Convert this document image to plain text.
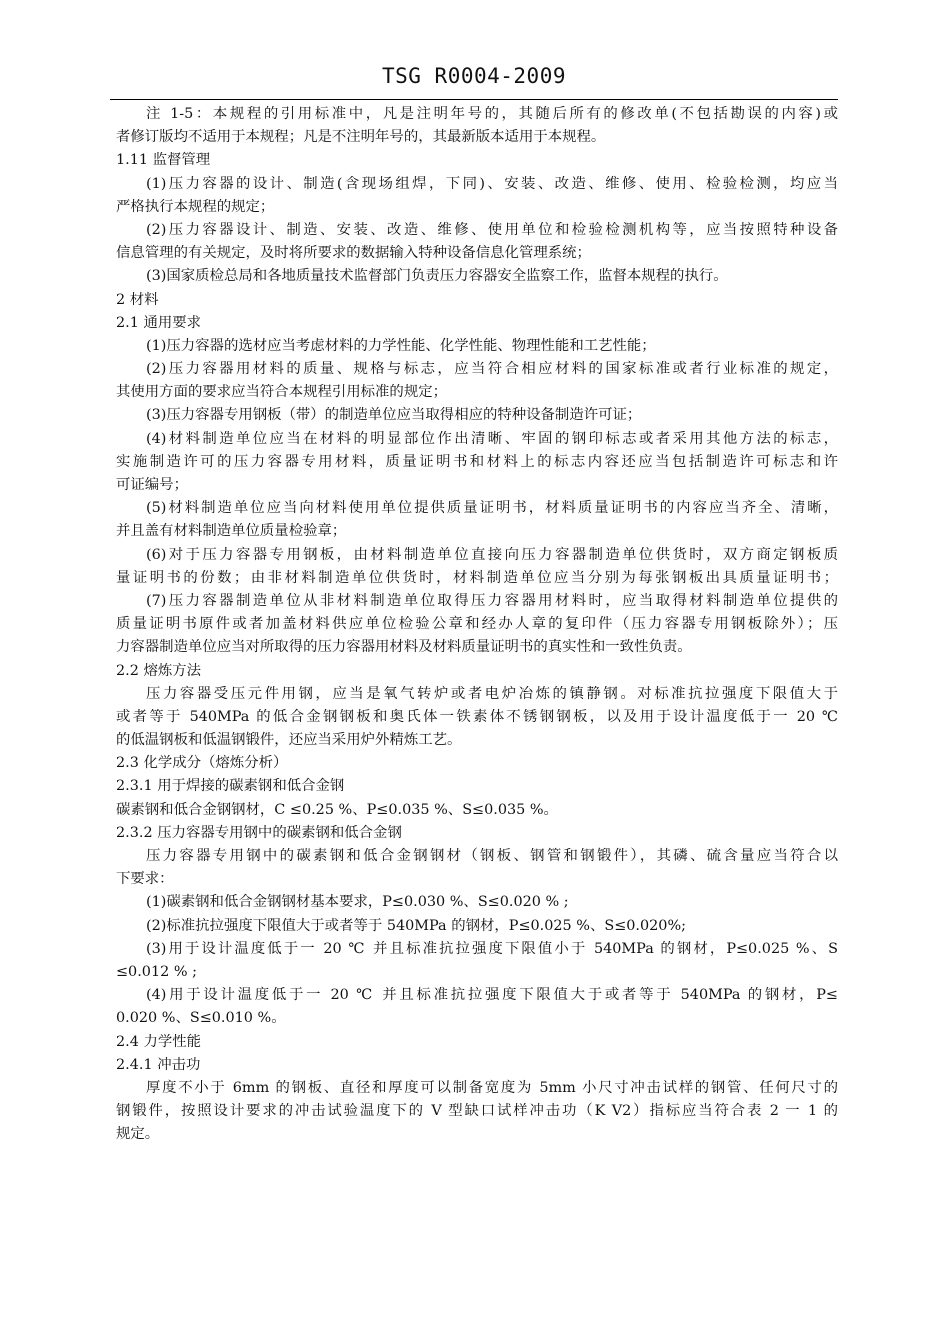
TSG R0004-2009
注 1-5：本规程的引用标准中，凡是注明年号的，其随后所有的修改单(不包括勘误的内容)或
者修订版均不适用于本规程；凡是不注明年号的，其最新版本适用于本规程。
1.11 监督管理
(1)压力容器的设计、制造(含现场组焊，下同)、安装、改造、维修、使用、检验检测，均应当
严格执行本规程的规定；
(2)压力容器设计、制造、安装、改造、维修、使用单位和检验检测机构等，应当按照特种设备
信息管理的有关规定，及时将所要求的数据输入特种设备信息化管理系统；
(3)国家质检总局和各地质量技术监督部门负责压力容器安全监察工作，监督本规程的执行。
2 材料
2.1 通用要求
(1)压力容器的选材应当考虑材料的力学性能、化学性能、物理性能和工艺性能；
(2)压力容器用材料的质量、规格与标志，应当符合相应材料的国家标准或者行业标准的规定，
其使用方面的要求应当符合本规程引用标准的规定；
(3)压力容器专用钢板（带）的制造单位应当取得相应的特种设备制造许可证；
(4)材料制造单位应当在材料的明显部位作出清晰、牢固的钢印标志或者采用其他方法的标志，
实施制造许可的压力容器专用材料，质量证明书和材料上的标志内容还应当包括制造许可标志和许
可证编号；
(5)材料制造单位应当向材料使用单位提供质量证明书，材料质量证明书的内容应当齐全、清晰，
并且盖有材料制造单位质量检验章；
(6)对于压力容器专用钢板，由材料制造单位直接向压力容器制造单位供货时，双方商定钢板质
量证明书的份数；由非材料制造单位供货时，材料制造单位应当分别为每张钢板出具质量证明书；
(7)压力容器制造单位从非材料制造单位取得压力容器用材料时，应当取得材料制造单位提供的
质量证明书原件或者加盖材料供应单位检验公章和经办人章的复印件（压力容器专用钢板除外）；压
力容器制造单位应当对所取得的压力容器用材料及材料质量证明书的真实性和一致性负责。
2.2 熔炼方法
压力容器受压元件用钢，应当是氧气转炉或者电炉冶炼的镇静钢。对标准抗拉强度下限值大于
或者等于 540MPa 的低合金钢钢板和奥氏体一铁素体不锈钢钢板，以及用于设计温度低于一 20 ℃
的低温钢板和低温钢锻件，还应当采用炉外精炼工艺。
2.3 化学成分（熔炼分析）
2.3.1 用于焊接的碳素钢和低合金钢
碳素钢和低合金钢钢材，C ≤0.25 %、P≤0.035 %、S≤0.035 %。
2.3.2 压力容器专用钢中的碳素钢和低合金钢
压力容器专用钢中的碳素钢和低合金钢钢材（钢板、钢管和钢锻件），其磷、硫含量应当符合以
下要求：
(1)碳素钢和低合金钢钢材基本要求，P≤0.030 %、S≤0.020 % ;
(2)标准抗拉强度下限值大于或者等于 540MPa 的钢材，P≤0.025 %、S≤0.020%;
(3)用于设计温度低于一 20 ℃ 并且标准抗拉强度下限值小于 540MPa 的钢材，P≤0.025 %、S
≤0.012 % ;
(4)用于设计温度低于一 20 ℃ 并且标准抗拉强度下限值大于或者等于 540MPa 的钢材，P≤
0.020 %、S≤0.010 %。
2.4 力学性能
2.4.1 冲击功
厚度不小于 6mm 的钢板、直径和厚度可以制备宽度为 5mm 小尺寸冲击试样的钢管、任何尺寸的
钢锻件，按照设计要求的冲击试验温度下的 V 型缺口试样冲击功（K V2）指标应当符合表 2 一 1 的
规定。
